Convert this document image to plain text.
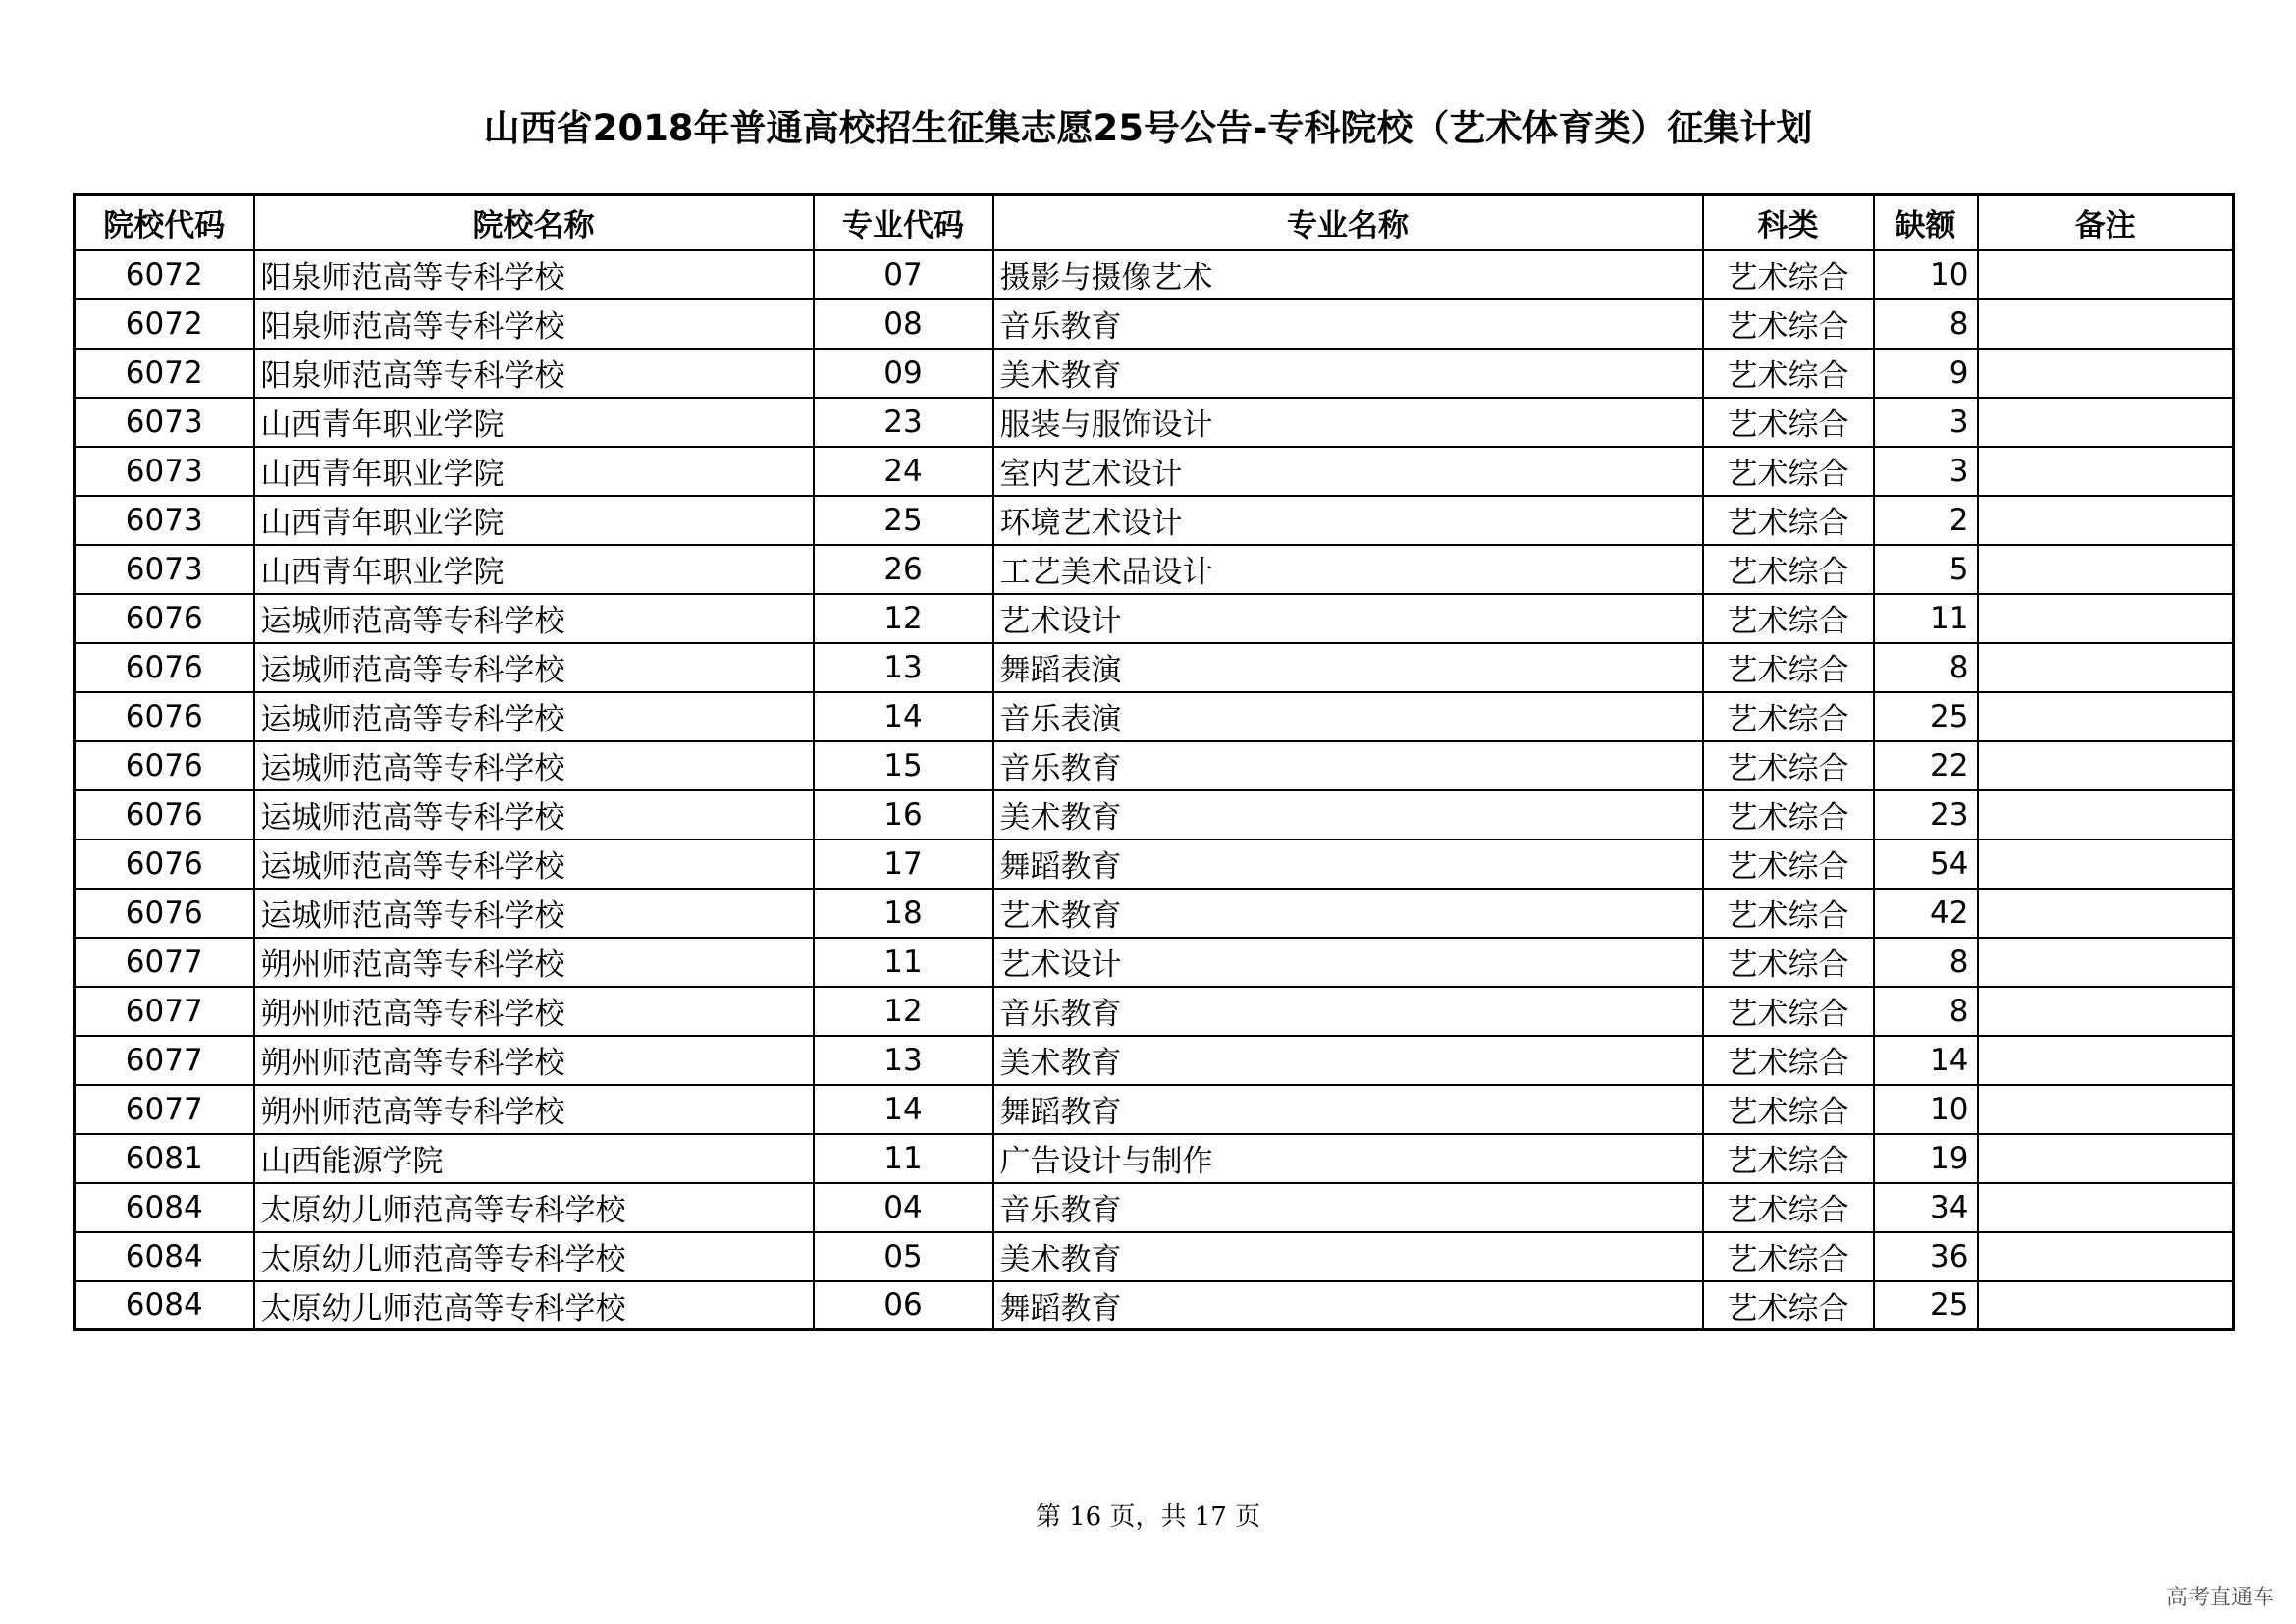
山西省2018年普通高校招生征集志愿25号公告-专科院校（艺术体育类）征集计划
院校代码	院校名称	专业代码	专业名称	科类	缺额	备注
6072	阳泉师范高等专科学校	07	摄影与摄像艺术	艺术综合	10	
6072	阳泉师范高等专科学校	08	音乐教育	艺术综合	8	
6072	阳泉师范高等专科学校	09	美术教育	艺术综合	9	
6073	山西青年职业学院	23	服装与服饰设计	艺术综合	3	
6073	山西青年职业学院	24	室内艺术设计	艺术综合	3	
6073	山西青年职业学院	25	环境艺术设计	艺术综合	2	
6073	山西青年职业学院	26	工艺美术品设计	艺术综合	5	
6076	运城师范高等专科学校	12	艺术设计	艺术综合	11	
6076	运城师范高等专科学校	13	舞蹈表演	艺术综合	8	
6076	运城师范高等专科学校	14	音乐表演	艺术综合	25	
6076	运城师范高等专科学校	15	音乐教育	艺术综合	22	
6076	运城师范高等专科学校	16	美术教育	艺术综合	23	
6076	运城师范高等专科学校	17	舞蹈教育	艺术综合	54	
6076	运城师范高等专科学校	18	艺术教育	艺术综合	42	
6077	朔州师范高等专科学校	11	艺术设计	艺术综合	8	
6077	朔州师范高等专科学校	12	音乐教育	艺术综合	8	
6077	朔州师范高等专科学校	13	美术教育	艺术综合	14	
6077	朔州师范高等专科学校	14	舞蹈教育	艺术综合	10	
6081	山西能源学院	11	广告设计与制作	艺术综合	19	
6084	太原幼儿师范高等专科学校	04	音乐教育	艺术综合	34	
6084	太原幼儿师范高等专科学校	05	美术教育	艺术综合	36	
6084	太原幼儿师范高等专科学校	06	舞蹈教育	艺术综合	25	
第 16 页，共 17 页
高考直通车
